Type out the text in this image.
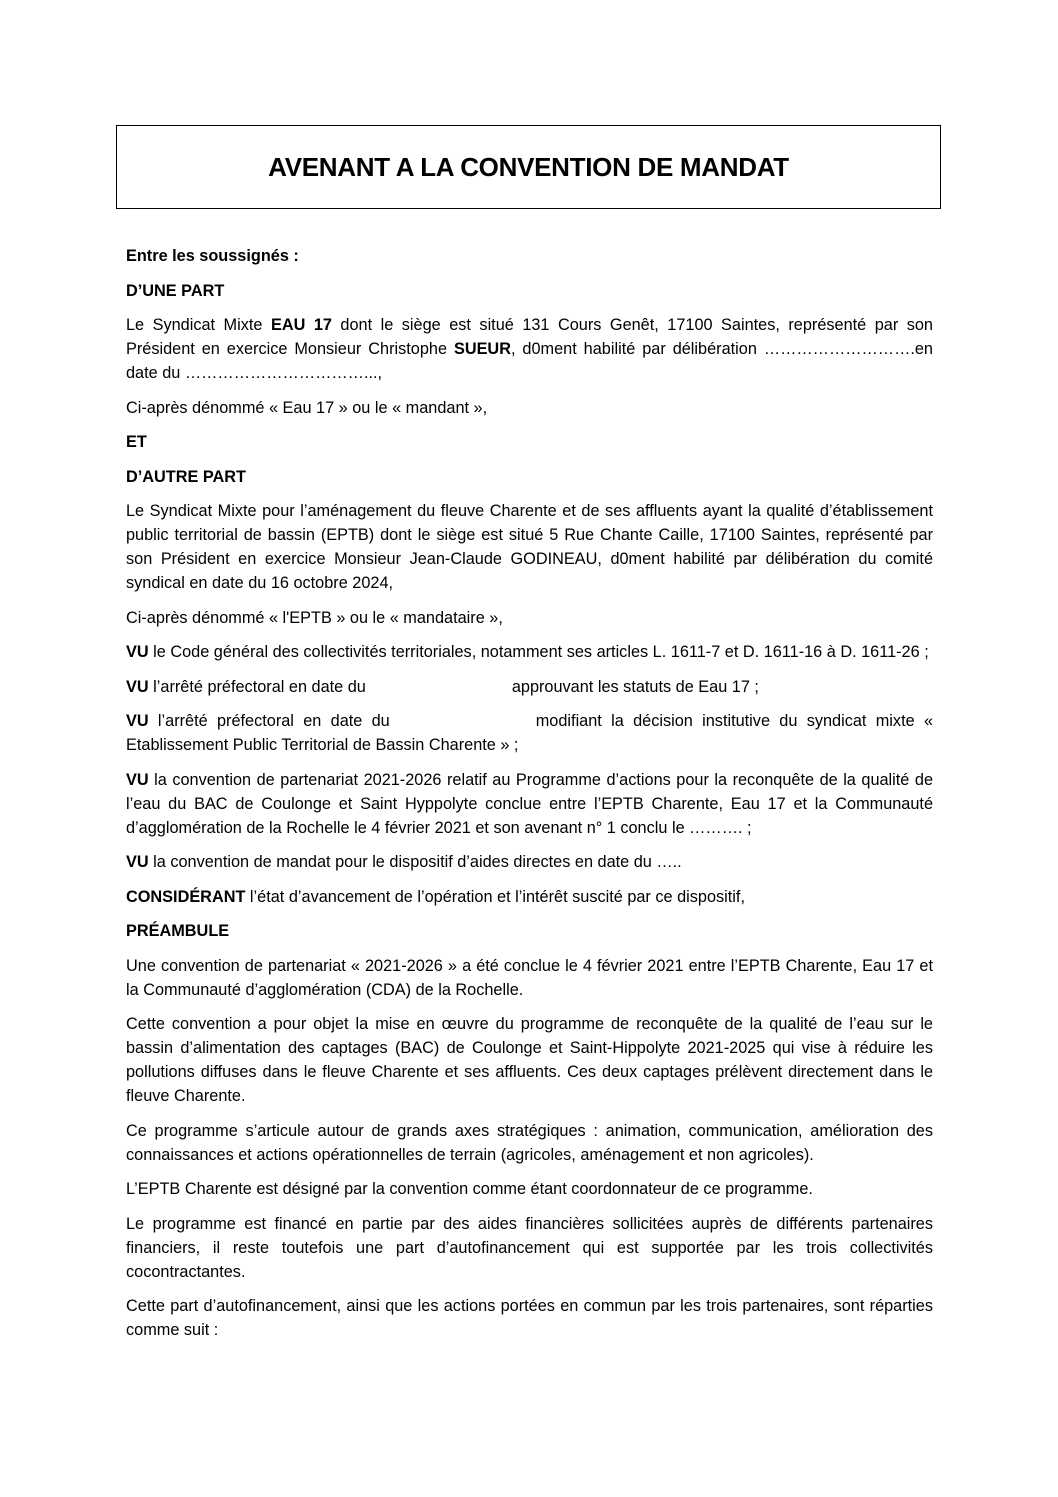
AVENANT A LA CONVENTION DE MANDAT

Entre les soussignés :

D’UNE PART

Le Syndicat Mixte EAU 17 dont le siège est situé 131 Cours Genêt, 17100 Saintes, représenté par son Président en exercice Monsieur Christophe SUEUR, d0ment habilité par délibération ……………………….en date du ……………………………...,

Ci-après dénommé « Eau 17 » ou le « mandant »,

ET

D’AUTRE PART

Le Syndicat Mixte pour l’aménagement du fleuve Charente et de ses affluents ayant la qualité d’établissement public territorial de bassin (EPTB) dont le siège est situé 5 Rue Chante Caille, 17100 Saintes, représenté par son Président en exercice Monsieur Jean-Claude GODINEAU, d0ment habilité par délibération du comité syndical en date du 16 octobre 2024,

Ci-après dénommé « l'EPTB » ou le « mandataire »,

VU le Code général des collectivités territoriales, notamment ses articles L. 1611-7 et D. 1611-16 à D. 1611-26 ;

VU l’arrêté préfectoral en date du	approuvant les statuts de Eau 17 ;

VU l’arrêté préfectoral en date du	modifiant la décision institutive du syndicat mixte « Etablissement Public Territorial de Bassin Charente » ;

VU la convention de partenariat 2021-2026 relatif au Programme d’actions pour la reconquête de la qualité de l’eau du BAC de Coulonge et Saint Hyppolyte conclue entre l’EPTB Charente, Eau 17 et la Communauté d’agglomération de la Rochelle le 4 février 2021 et son avenant n° 1 conclu le ………. ;

VU la convention de mandat pour le dispositif d’aides directes en date du …..

CONSIDÉRANT l’état d’avancement de l’opération et l’intérêt suscité par ce dispositif,

PRÉAMBULE

Une convention de partenariat « 2021-2026 » a été conclue le 4 février 2021 entre l’EPTB Charente, Eau 17 et la Communauté d’agglomération (CDA) de la Rochelle.

Cette convention a pour objet la mise en œuvre du programme de reconquête de la qualité de l’eau sur le bassin d’alimentation des captages (BAC) de Coulonge et Saint-Hippolyte 2021-2025 qui vise à réduire les pollutions diffuses dans le fleuve Charente et ses affluents. Ces deux captages prélèvent directement dans le fleuve Charente.

Ce programme s’articule autour de grands axes stratégiques : animation, communication, amélioration des connaissances et actions opérationnelles de terrain (agricoles, aménagement et non agricoles).

L’EPTB Charente est désigné par la convention comme étant coordonnateur de ce programme.

Le programme est financé en partie par des aides financières sollicitées auprès de différents partenaires financiers, il reste toutefois une part d’autofinancement qui est supportée par les trois collectivités cocontractantes.

Cette part d’autofinancement, ainsi que les actions portées en commun par les trois partenaires, sont réparties comme suit :
